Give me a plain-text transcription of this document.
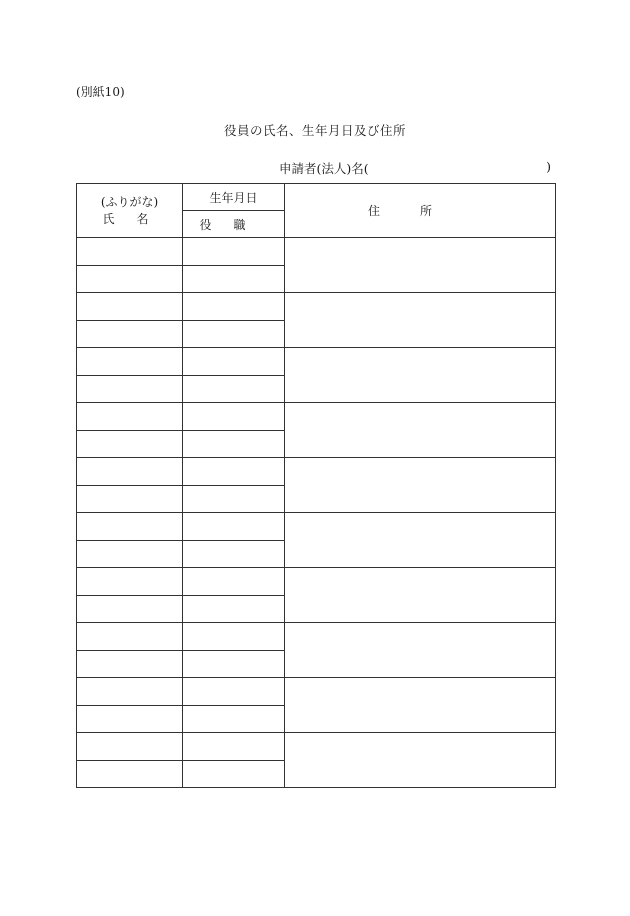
(別紙10)
役員の氏名、生年月日及び住所
申請者(法人)名(	)
(ふりがな)
氏名	生年月日	住所
	役職	
